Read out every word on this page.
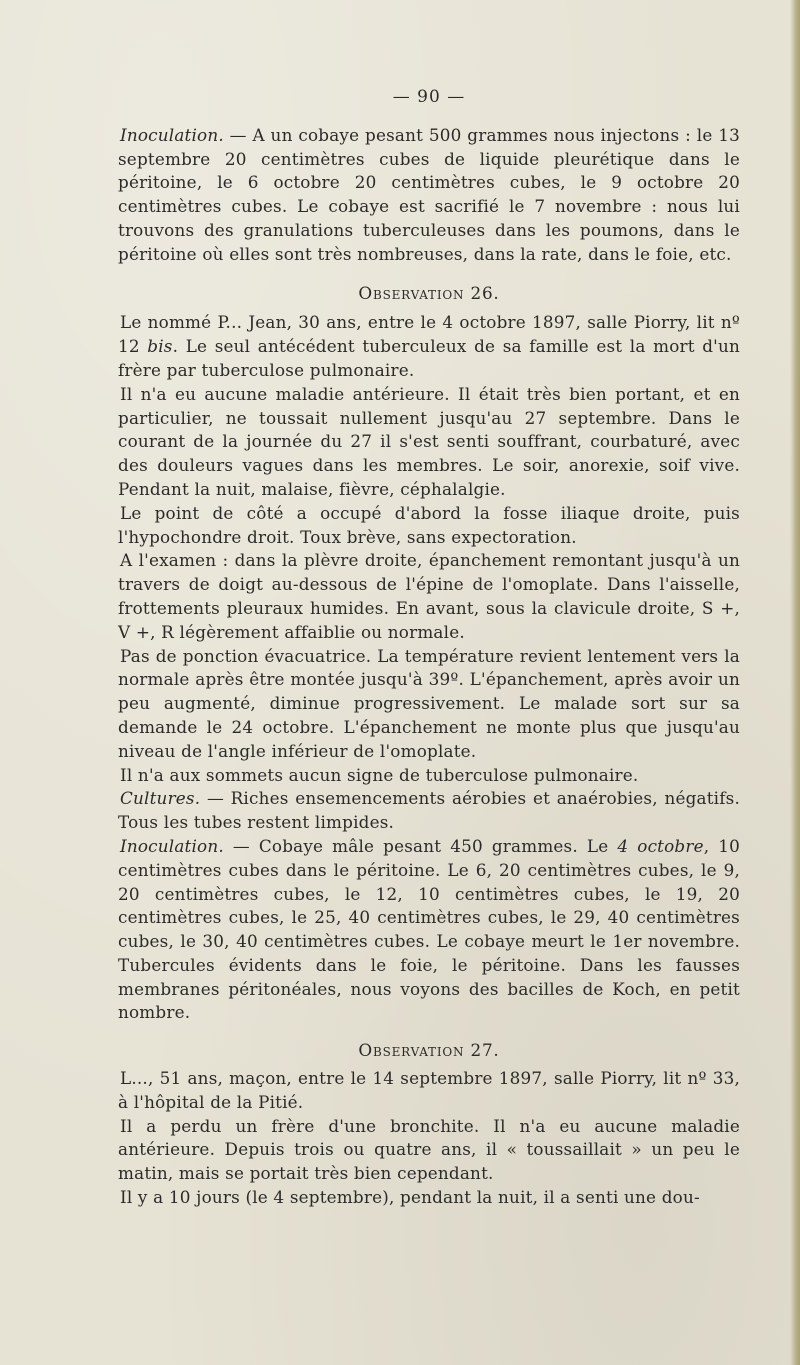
— 90 —

Inoculation. — A un cobaye pesant 500 grammes nous injectons : le 13 septembre 20 centimètres cubes de liquide pleurétique dans le péritoine, le 6 octobre 20 centimètres cubes, le 9 octobre 20 centimètres cubes. Le cobaye est sacrifié le 7 novembre : nous lui trouvons des granulations tuberculeuses dans les poumons, dans le péritoine où elles sont très nombreuses, dans la rate, dans le foie, etc.

Observation 26.

Le nommé P... Jean, 30 ans, entre le 4 octobre 1897, salle Piorry, lit nº 12 bis. Le seul antécédent tuberculeux de sa famille est la mort d'un frère par tuberculose pulmonaire.

Il n'a eu aucune maladie antérieure. Il était très bien portant, et en particulier, ne toussait nullement jusqu'au 27 septembre. Dans le courant de la journée du 27 il s'est senti souffrant, courbaturé, avec des douleurs vagues dans les membres. Le soir, anorexie, soif vive. Pendant la nuit, malaise, fièvre, céphalalgie.

Le point de côté a occupé d'abord la fosse iliaque droite, puis l'hypochondre droit. Toux brève, sans expectoration.

A l'examen : dans la plèvre droite, épanchement remontant jusqu'à un travers de doigt au-dessous de l'épine de l'omoplate. Dans l'aisselle, frottements pleuraux humides. En avant, sous la clavicule droite, S +, V +, R légèrement affaiblie ou normale.

Pas de ponction évacuatrice. La température revient lentement vers la normale après être montée jusqu'à 39º. L'épanchement, après avoir un peu augmenté, diminue progressivement. Le malade sort sur sa demande le 24 octobre. L'épanchement ne monte plus que jusqu'au niveau de l'angle inférieur de l'omoplate.

Il n'a aux sommets aucun signe de tuberculose pulmonaire.

Cultures. — Riches ensemencements aérobies et anaérobies, négatifs. Tous les tubes restent limpides.

Inoculation. — Cobaye mâle pesant 450 grammes. Le 4 octobre, 10 centimètres cubes dans le péritoine. Le 6, 20 centimètres cubes, le 9, 20 centimètres cubes, le 12, 10 centimètres cubes, le 19, 20 centimètres cubes, le 25, 40 centimètres cubes, le 29, 40 centimètres cubes, le 30, 40 centimètres cubes. Le cobaye meurt le 1er novembre. Tubercules évidents dans le foie, le péritoine. Dans les fausses membranes péritonéales, nous voyons des bacilles de Koch, en petit nombre.

Observation 27.

L..., 51 ans, maçon, entre le 14 septembre 1897, salle Piorry, lit nº 33, à l'hôpital de la Pitié.

Il a perdu un frère d'une bronchite. Il n'a eu aucune maladie antérieure. Depuis trois ou quatre ans, il « toussaillait » un peu le matin, mais se portait très bien cependant.

Il y a 10 jours (le 4 septembre), pendant la nuit, il a senti une dou-
